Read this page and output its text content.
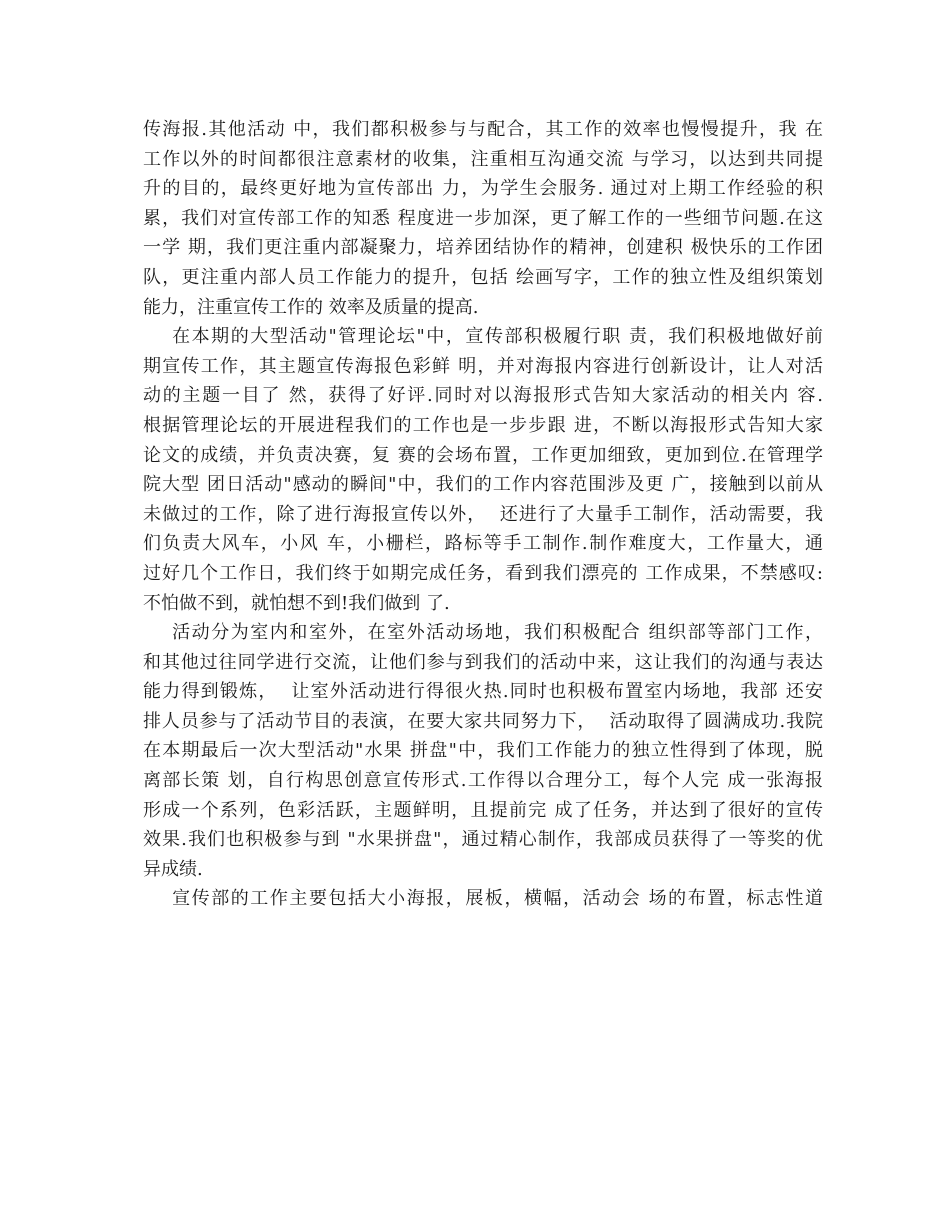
传海报.其他活动 中，我们都积极参与与配合，其工作的效率也慢慢提升，我 在
工作以外的时间都很注意素材的收集，注重相互沟通交流 与学习，以达到共同提
升的目的，最终更好地为宣传部出 力，为学生会服务. 通过对上期工作经验的积
累，我们对宣传部工作的知悉 程度进一步加深，更了解工作的一些细节问题.在这
一学 期，我们更注重内部凝聚力，培养团结协作的精神，创建积 极快乐的工作团
队，更注重内部人员工作能力的提升，包括 绘画写字，工作的独立性及组织策划
能力，注重宣传工作的 效率及质量的提高.
在本期的大型活动"管理论坛"中，宣传部积极履行职 责，我们积极地做好前
期宣传工作，其主题宣传海报色彩鲜 明，并对海报内容进行创新设计，让人对活
动的主题一目了 然，获得了好评.同时对以海报形式告知大家活动的相关内 容.
根据管理论坛的开展进程我们的工作也是一步步跟 进，不断以海报形式告知大家
论文的成绩，并负责决赛，复 赛的会场布置，工作更加细致，更加到位.在管理学
院大型 团日活动"感动的瞬间"中，我们的工作内容范围涉及更 广，接触到以前从
未做过的工作，除了进行海报宣传以外，  还进行了大量手工制作，活动需要，我
们负责大风车，小风 车，小栅栏，路标等手工制作.制作难度大，工作量大，通
过好几个工作日，我们终于如期完成任务，看到我们漂亮的 工作成果，不禁感叹:
不怕做不到，就怕想不到!我们做到 了.
活动分为室内和室外，在室外活动场地，我们积极配合 组织部等部门工作，
和其他过往同学进行交流，让他们参与到我们的活动中来，这让我们的沟通与表达
能力得到锻炼，  让室外活动进行得很火热.同时也积极布置室内场地，我部 还安
排人员参与了活动节目的表演，在要大家共同努力下，  活动取得了圆满成功.我院
在本期最后一次大型活动"水果 拼盘"中，我们工作能力的独立性得到了体现，脱
离部长策 划，自行构思创意宣传形式.工作得以合理分工，每个人完 成一张海报
形成一个系列，色彩活跃，主题鲜明，且提前完 成了任务，并达到了很好的宣传
效果.我们也积极参与到 "水果拼盘"，通过精心制作，我部成员获得了一等奖的优
异成绩.
宣传部的工作主要包括大小海报，展板，横幅，活动会 场的布置，标志性道
